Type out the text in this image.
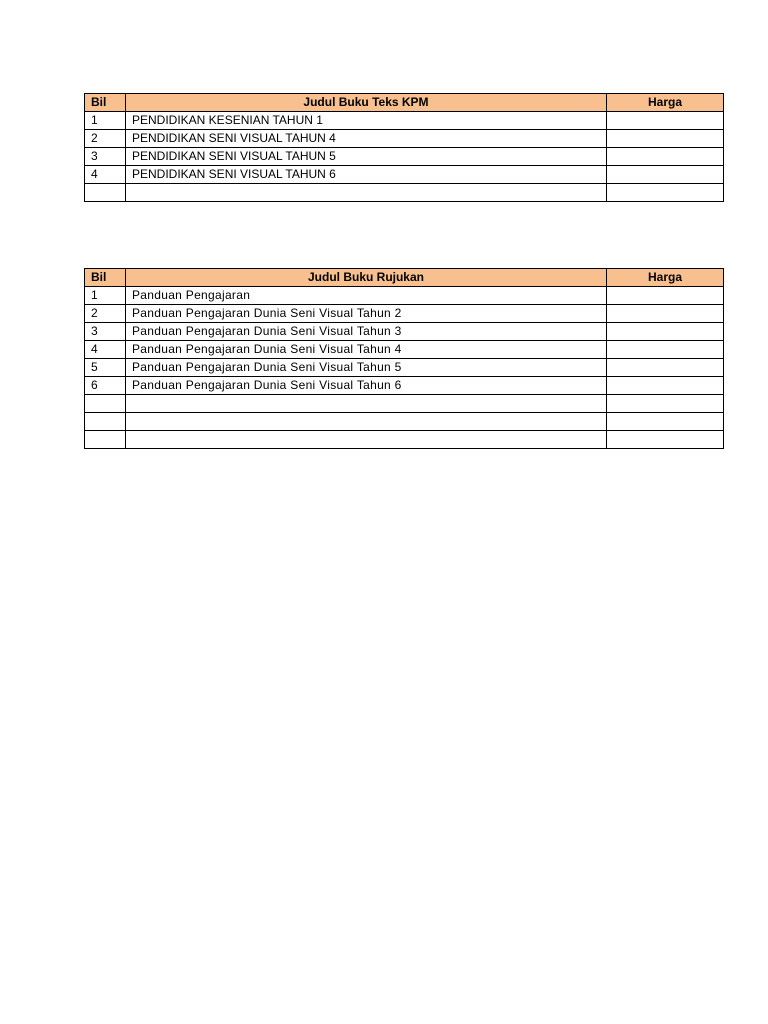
Bil	Judul Buku Teks KPM	Harga
1	PENDIDIKAN KESENIAN TAHUN 1	
2	PENDIDIKAN SENI VISUAL TAHUN 4	
3	PENDIDIKAN SENI VISUAL TAHUN 5	
4	PENDIDIKAN SENI VISUAL TAHUN 6	

Bil	Judul Buku Rujukan	Harga
1	Panduan Pengajaran	
2	Panduan Pengajaran Dunia Seni Visual Tahun 2	
3	Panduan Pengajaran Dunia Seni Visual Tahun 3	
4	Panduan Pengajaran Dunia Seni Visual Tahun 4	
5	Panduan Pengajaran Dunia Seni Visual Tahun 5	
6	Panduan Pengajaran Dunia Seni Visual Tahun 6	
